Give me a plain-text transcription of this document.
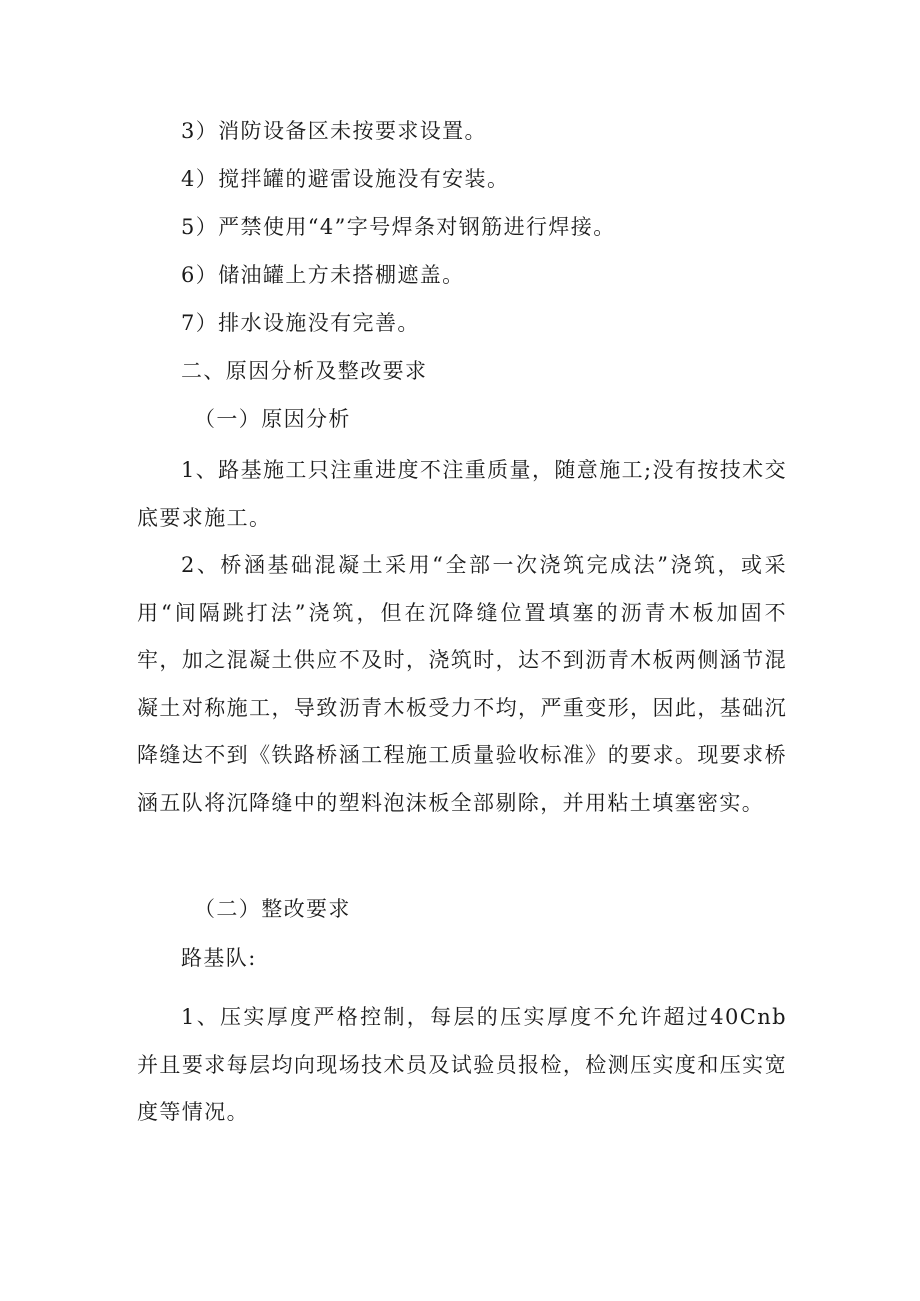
3）消防设备区未按要求设置。
4）搅拌罐的避雷设施没有安装。
5）严禁使用“4”字号焊条对钢筋进行焊接。
6）储油罐上方未搭棚遮盖。
7）排水设施没有完善。
二、原因分析及整改要求
（一）原因分析
1、路基施工只注重进度不注重质量，随意施工;没有按技术交底要求施工。
2、桥涵基础混凝土采用“全部一次浇筑完成法”浇筑，或采用“间隔跳打法”浇筑，但在沉降缝位置填塞的沥青木板加固不牢，加之混凝土供应不及时，浇筑时，达不到沥青木板两侧涵节混凝土对称施工，导致沥青木板受力不均，严重变形，因此，基础沉降缝达不到《铁路桥涵工程施工质量验收标准》的要求。现要求桥涵五队将沉降缝中的塑料泡沫板全部剔除，并用粘土填塞密实。
（二）整改要求
路基队:
1、压实厚度严格控制，每层的压实厚度不允许超过40Cnb并且要求每层均向现场技术员及试验员报检，检测压实度和压实宽度等情况。
